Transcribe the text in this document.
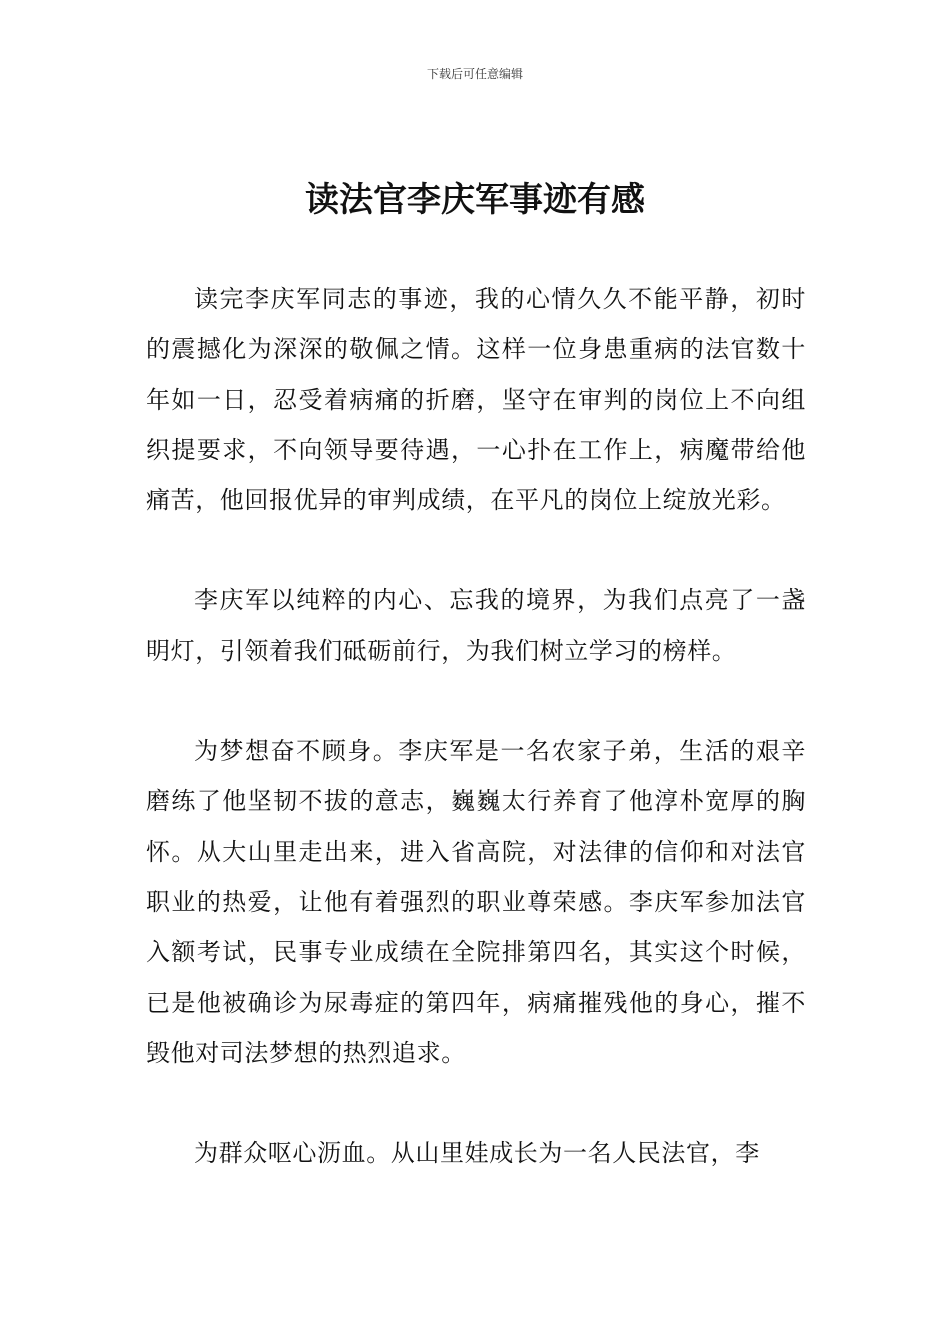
下载后可任意编辑
读法官李庆军事迹有感

读完李庆军同志的事迹，我的心情久久不能平静，初时的震撼化为深深的敬佩之情。这样一位身患重病的法官数十年如一日，忍受着病痛的折磨，坚守在审判的岗位上不向组织提要求，不向领导要待遇，一心扑在工作上，病魔带给他痛苦，他回报优异的审判成绩，在平凡的岗位上绽放光彩。

李庆军以纯粹的内心、忘我的境界，为我们点亮了一盏明灯，引领着我们砥砺前行，为我们树立学习的榜样。

为梦想奋不顾身。李庆军是一名农家子弟，生活的艰辛磨练了他坚韧不拔的意志，巍巍太行养育了他淳朴宽厚的胸怀。从大山里走出来，进入省高院，对法律的信仰和对法官职业的热爱，让他有着强烈的职业尊荣感。李庆军参加法官入额考试，民事专业成绩在全院排第四名，其实这个时候，已是他被确诊为尿毒症的第四年，病痛摧残他的身心，摧不毁他对司法梦想的热烈追求。

为群众呕心沥血。从山里娃成长为一名人民法官，李
